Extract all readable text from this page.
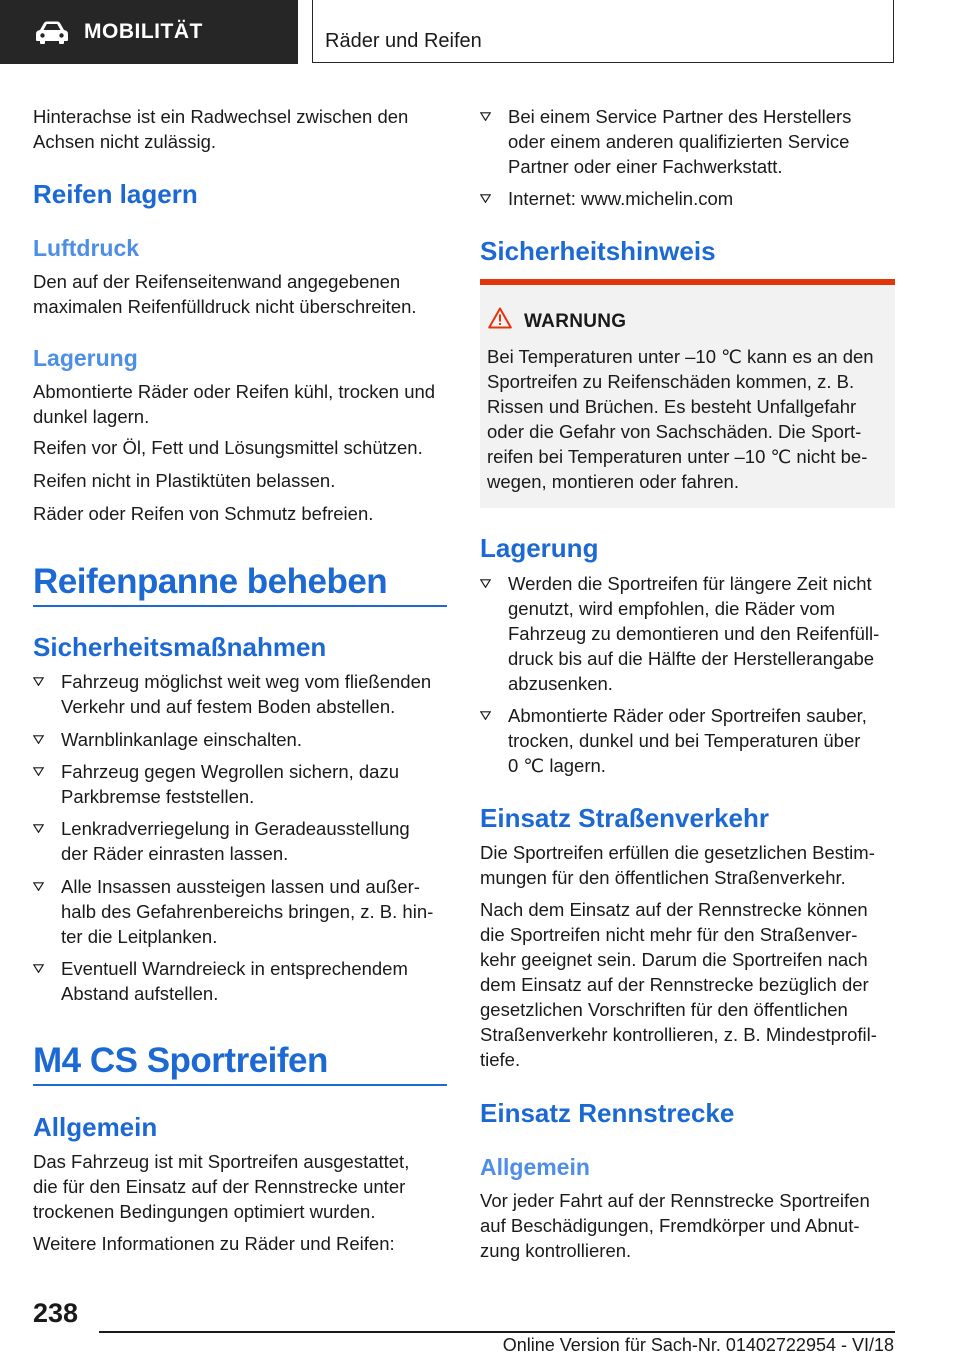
MOBILITÄT	Räder und Reifen

Hinterachse ist ein Radwechsel zwischen den
Achsen nicht zulässig.

Reifen lagern
Luftdruck

Den auf der Reifenseitenwand angegebenen
maximalen Reifenfülldruck nicht überschreiten.

Lagerung

Abmontierte Räder oder Reifen kühl, trocken und
dunkel lagern.

Reifen vor Öl, Fett und Lösungsmittel schützen.

Reifen nicht in Plastiktüten belassen.

Räder oder Reifen von Schmutz befreien.

Reifenpanne beheben
Sicherheitsmaßnahmen
Fahrzeug möglichst weit weg vom fließenden
Verkehr und auf festem Boden abstellen.
Warnblinkanlage einschalten.
Fahrzeug gegen Wegrollen sichern, dazu
Parkbremse feststellen.
Lenkradverriegelung in Geradeausstellung
der Räder einrasten lassen.
Alle Insassen aussteigen lassen und außer-
halb des Gefahrenbereichs bringen, z. B. hin-
ter die Leitplanken.
Eventuell Warndreieck in entsprechendem
Abstand aufstellen.
M4 CS Sportreifen
Allgemein

Das Fahrzeug ist mit Sportreifen ausgestattet,
die für den Einsatz auf der Rennstrecke unter
trockenen Bedingungen optimiert wurden.

Weitere Informationen zu Räder und Reifen:

Bei einem Service Partner des Herstellers
oder einem anderen qualifizierten Service
Partner oder einer Fachwerkstatt.
Internet: www.michelin.com
Sicherheitshinweis
WARNUNG
Bei Temperaturen unter –10 ℃ kann es an den
Sportreifen zu Reifenschäden kommen, z. B.
Rissen und Brüchen. Es besteht Unfallgefahr
oder die Gefahr von Sachschäden. Die Sport-
reifen bei Temperaturen unter –10 ℃ nicht be-
wegen, montieren oder fahren.
Lagerung
Werden die Sportreifen für längere Zeit nicht
genutzt, wird empfohlen, die Räder vom
Fahrzeug zu demontieren und den Reifenfüll-
druck bis auf die Hälfte der Herstellerangabe
abzusenken.
Abmontierte Räder oder Sportreifen sauber,
trocken, dunkel und bei Temperaturen über
0 ℃ lagern.
Einsatz Straßenverkehr

Die Sportreifen erfüllen die gesetzlichen Bestim-
mungen für den öffentlichen Straßenverkehr.

Nach dem Einsatz auf der Rennstrecke können
die Sportreifen nicht mehr für den Straßenver-
kehr geeignet sein. Darum die Sportreifen nach
dem Einsatz auf der Rennstrecke bezüglich der
gesetzlichen Vorschriften für den öffentlichen
Straßenverkehr kontrollieren, z. B. Mindestprofil-
tiefe.

Einsatz Rennstrecke
Allgemein

Vor jeder Fahrt auf der Rennstrecke Sportreifen
auf Beschädigungen, Fremdkörper und Abnut-
zung kontrollieren.

238
Online Version für Sach-Nr. 01402722954 - VI/18
